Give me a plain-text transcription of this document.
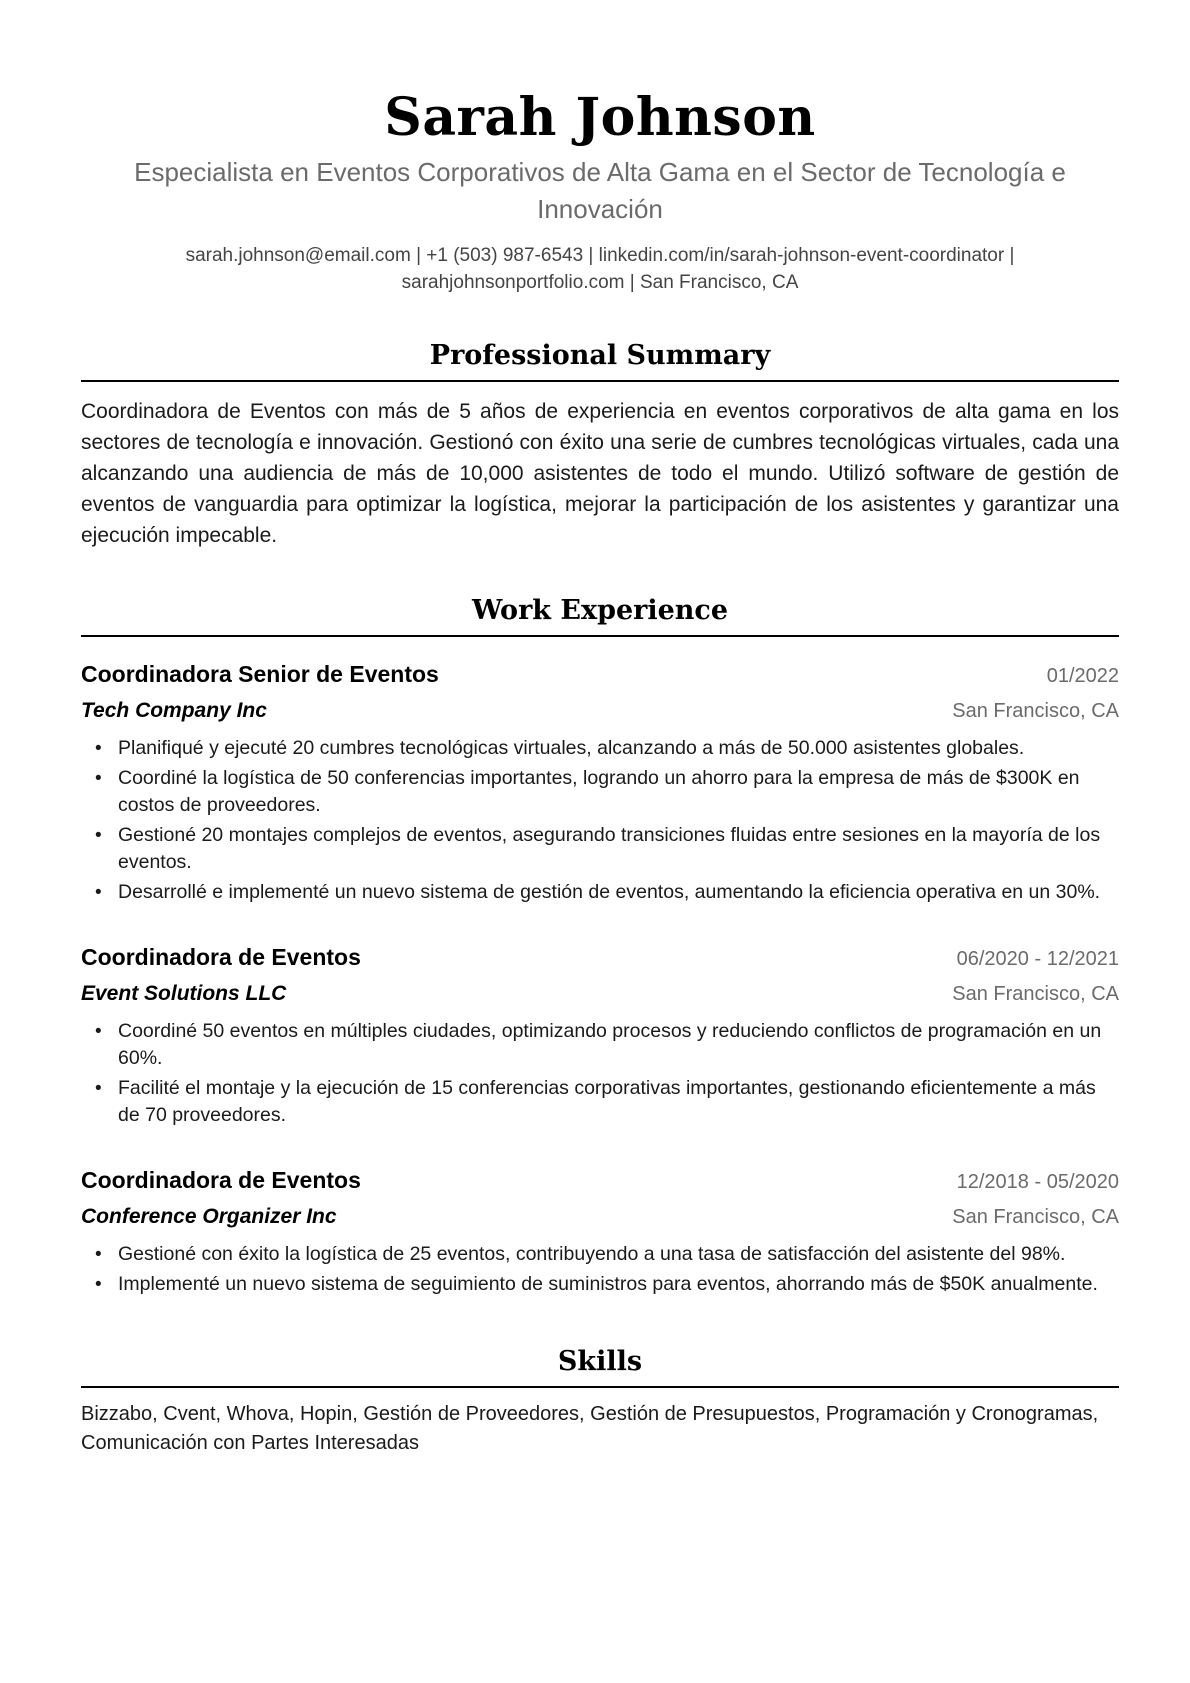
Sarah Johnson
Especialista en Eventos Corporativos de Alta Gama en el Sector de Tecnología e Innovación
sarah.johnson@email.com | +1 (503) 987-6543 | linkedin.com/in/sarah-johnson-event-coordinator |
sarahjohnsonportfolio.com | San Francisco, CA
Professional Summary
Coordinadora de Eventos con más de 5 años de experiencia en eventos corporativos de alta gama en los sectores de tecnología e innovación. Gestionó con éxito una serie de cumbres tecnológicas virtuales, cada una alcanzando una audiencia de más de 10,000 asistentes de todo el mundo. Utilizó software de gestión de eventos de vanguardia para optimizar la logística, mejorar la participación de los asistentes y garantizar una ejecución impecable.
Work Experience
Coordinadora Senior de Eventos	01/2022
Tech Company Inc	San Francisco, CA
• Planifiqué y ejecuté 20 cumbres tecnológicas virtuales, alcanzando a más de 50.000 asistentes globales.
• Coordiné la logística de 50 conferencias importantes, logrando un ahorro para la empresa de más de $300K en costos de proveedores.
• Gestioné 20 montajes complejos de eventos, asegurando transiciones fluidas entre sesiones en la mayoría de los eventos.
• Desarrollé e implementé un nuevo sistema de gestión de eventos, aumentando la eficiencia operativa en un 30%.
Coordinadora de Eventos	06/2020 - 12/2021
Event Solutions LLC	San Francisco, CA
• Coordiné 50 eventos en múltiples ciudades, optimizando procesos y reduciendo conflictos de programación en un 60%.
• Facilité el montaje y la ejecución de 15 conferencias corporativas importantes, gestionando eficientemente a más de 70 proveedores.
Coordinadora de Eventos	12/2018 - 05/2020
Conference Organizer Inc	San Francisco, CA
• Gestioné con éxito la logística de 25 eventos, contribuyendo a una tasa de satisfacción del asistente del 98%.
• Implementé un nuevo sistema de seguimiento de suministros para eventos, ahorrando más de $50K anualmente.
Skills
Bizzabo, Cvent, Whova, Hopin, Gestión de Proveedores, Gestión de Presupuestos, Programación y Cronogramas, Comunicación con Partes Interesadas
